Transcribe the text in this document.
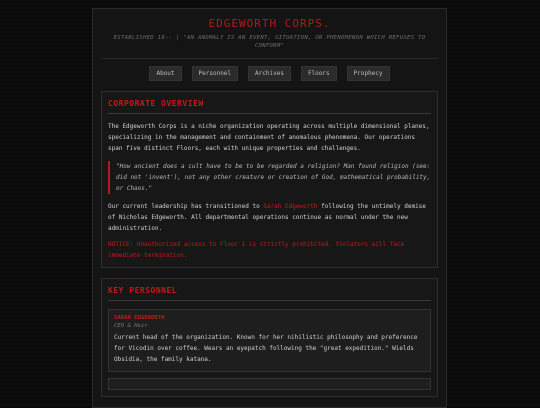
EDGEWORTH CORPS.
ESTABLISHED 19-- | "AN ANOMALY IS AN EVENT, SITUATION, OR PHENOMENON WHICH REFUSES TO CONFORM"
About	Personnel	Archives	Floors	Prophecy
CORPORATE OVERVIEW

The Edgeworth Corps is a niche organization operating across multiple dimensional planes, specializing in the management and containment of anomalous phenomena. Our operations span five distinct Floors, each with unique properties and challenges.

"How ancient does a cult have to be to be regarded a religion? Man found religion (see: did not 'invent'), not any other creature or creation of God, mathematical probability, or Chaos."

Our current leadership has transitioned to Sarah Edgeworth following the untimely demise of Nicholas Edgeworth. All departmental operations continue as normal under the new administration.

NOTICE: Unauthorized access to Floor 1 is strictly prohibited. Violators will face immediate termination.

KEY PERSONNEL
SARAH EDGEWORTH
CEO & Heir
Current head of the organization. Known for her nihilistic philosophy and preference for Vicodin over coffee. Wears an eyepatch following the "great expedition." Wields Obsidia, the family katana.
